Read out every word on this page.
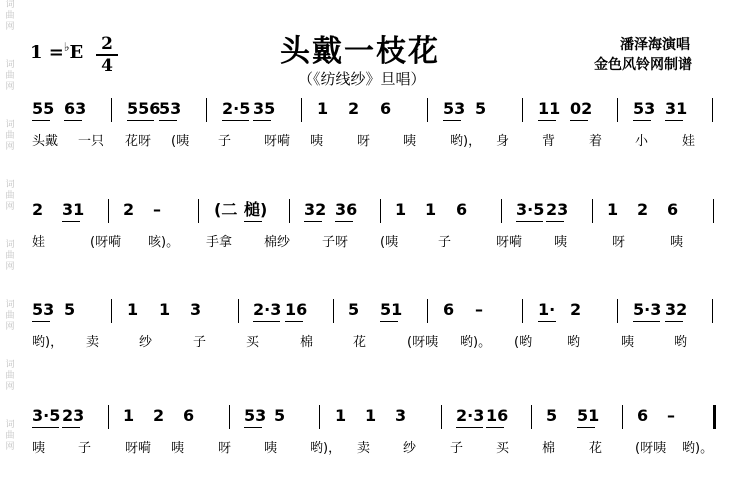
词曲网
词曲网
词曲网
词曲网
词曲网
词曲网
词曲网
词曲网
头戴一枝花
（《纺线纱》旦唱）
1 =♭E 2
4
潘泽海演唱
金色风铃网制谱
55 63	556
53	2·5 35	1 2 6	53 5	11 02	53 31
头戴 一只 花呀 (咦 子	呀嗬 咦	呀	咦	哟)， 身	背	着	小	娃
2 31 2 –	(二 槌) 32 36 1 1 6	3·5 23 1 2 6
娃	(呀嗬 咳)。 手拿 棉纱 子呀 (咦	子	呀嗬 咦	呀	咦
53 5	1 1 3	2·3 16	5 51	6 –	1· 2	5·3 32
哟)， 卖	纱	子	买	棉	花	(呀咦 哟)。 (哟	哟	咦	哟
3·5 23 1 2 6	53 5	1 1 3	2·3 16 5 51 6 –
咦	子	呀嗬 咦	呀	咦	哟)， 卖	纱	子	买	棉	花	(呀咦 哟)。
